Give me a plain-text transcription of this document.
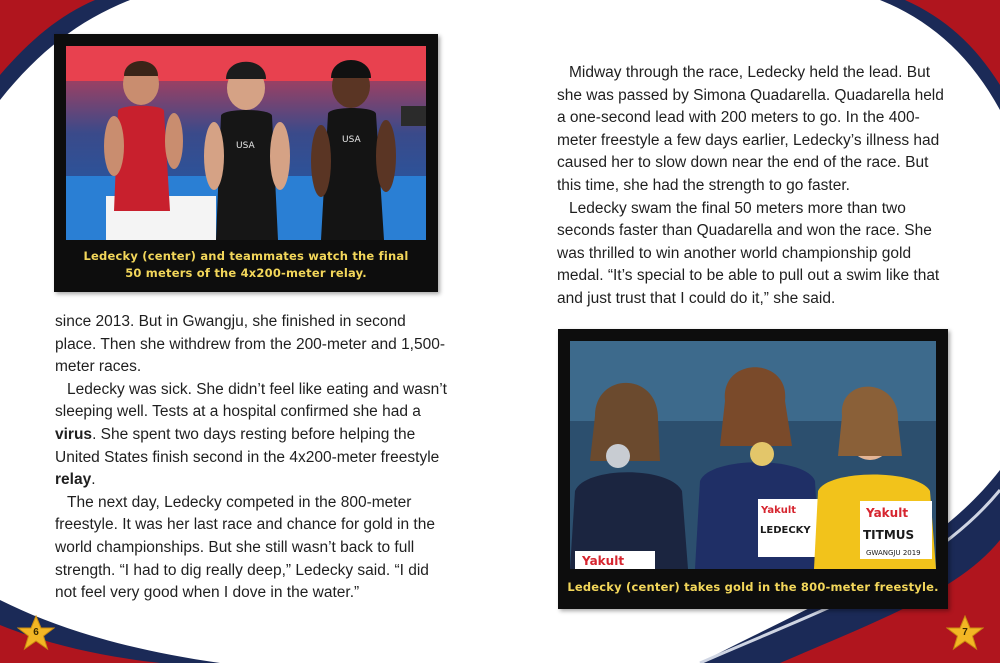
USA
USA
Ledecky (center) and teammates watch the final
50 meters of the 4x200-meter relay.

since 2013. But in Gwangju, she finished in second place. Then she withdrew from the 200-meter and 1,500-meter races.

Ledecky was sick. She didn’t feel like eating and wasn’t sleeping well. Tests at a hospital confirmed she had a virus. She spent two days resting before helping the United States finish second in the 4x200-meter freestyle relay.

The next day, Ledecky competed in the 800-meter freestyle. It was her last race and chance for gold in the world championships. But she still wasn’t back to full strength. “I had to dig really deep,” Ledecky said. “I did not feel very good when I dove in the water.”

Midway through the race, Ledecky held the lead. But she was passed by Simona Quadarella. Quadarella held a one-second lead with 200 meters to go. In the 400-meter freestyle a few days earlier, Ledecky’s illness had caused her to slow down near the end of the race. But this time, she had the strength to go faster.

Ledecky swam the final 50 meters more than two seconds faster than Quadarella and won the race. She was thrilled to win another world championship gold medal. “It’s special to be able to pull out a swim like that and just trust that I could do it,” she said.

Yakult
Yakult
LEDECKY
Yakult
TITMUS
GWANGJU 2019
Ledecky (center) takes gold in the 800-meter freestyle.
6	7
